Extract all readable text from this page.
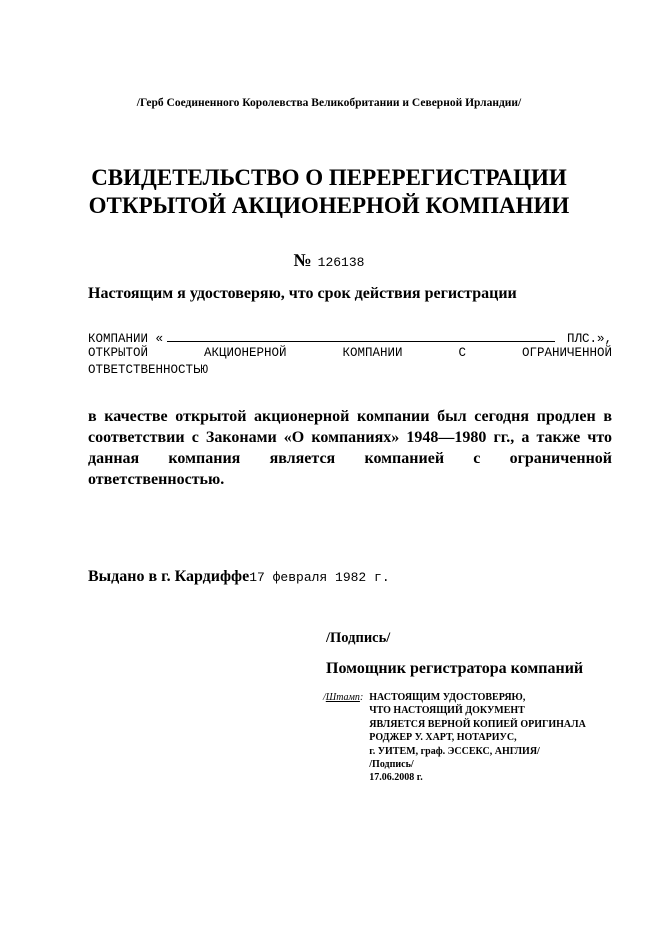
/Герб Соединенного Королевства Великобритании и Северной Ирландии/
СВИДЕТЕЛЬСТВО О ПЕРЕРЕГИСТРАЦИИ
ОТКРЫТОЙ АКЦИОНЕРНОЙ КОМПАНИИ
№ 126138
Настоящим я удостоверяю, что срок действия регистрации
КОМПАНИИ «	ПЛС.»,
ОТКРЫТОЙ	АКЦИОНЕРНОЙ	КОМПАНИИ	С	ОГРАНИЧЕННОЙ
ОТВЕТСТВЕННОСТЬЮ
в качестве открытой акционерной компании был сегодня продлен в соответствии с Законами «О компаниях» 1948—1980 гг., а также что данная компания является компанией с ограниченной ответственностью.
Выдано в г. Кардиффе17 февраля 1982 г.
/Подпись/
Помощник регистратора компаний
/Штамп: НАСТОЯЩИМ УДОСТОВЕРЯЮ,
ЧТО НАСТОЯЩИЙ ДОКУМЕНТ
ЯВЛЯЕТСЯ ВЕРНОЙ КОПИЕЙ ОРИГИНАЛА
РОДЖЕР У. ХАРТ, НОТАРИУС,
г. УИТЕМ, граф. ЭССЕКС, АНГЛИЯ/
/Подпись/
17.06.2008 г.
